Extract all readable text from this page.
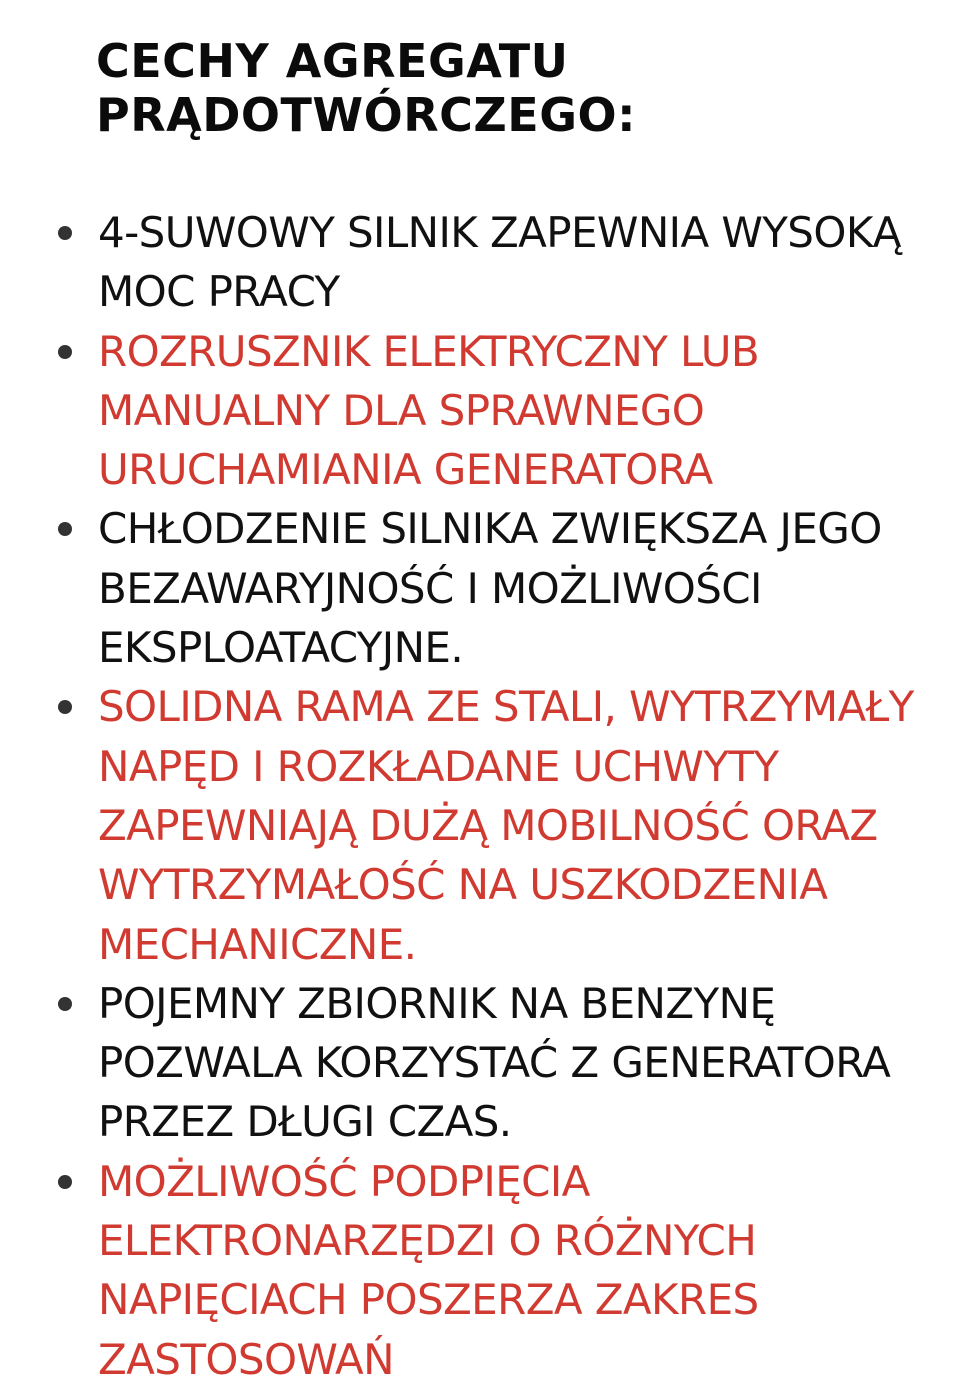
CECHY AGREGATU
PRĄDOTWÓRCZEGO:
4-SUWOWY SILNIK ZAPEWNIA WYSOKĄ MOC PRACY
ROZRUSZNIK ELEKTRYCZNY LUB MANUALNY DLA SPRAWNEGO URUCHAMIANIA GENERATORA
CHŁODZENIE SILNIKA ZWIĘKSZA JEGO BEZAWARYJNOŚĆ I MOŻLIWOŚCI EKSPLOATACYJNE.
SOLIDNA RAMA ZE STALI, WYTRZYMAŁY NAPĘD I ROZKŁADANE UCHWYTY ZAPEWNIAJĄ DUŻĄ MOBILNOŚĆ ORAZ WYTRZYMAŁOŚĆ NA USZKODZENIA MECHANICZNE.
POJEMNY ZBIORNIK NA BENZYNĘ POZWALA KORZYSTAĆ Z GENERATORA PRZEZ DŁUGI CZAS.
MOŻLIWOŚĆ PODPIĘCIA ELEKTRONARZĘDZI O RÓŻNYCH NAPIĘCIACH POSZERZA ZAKRES ZASTOSOWAŃ
